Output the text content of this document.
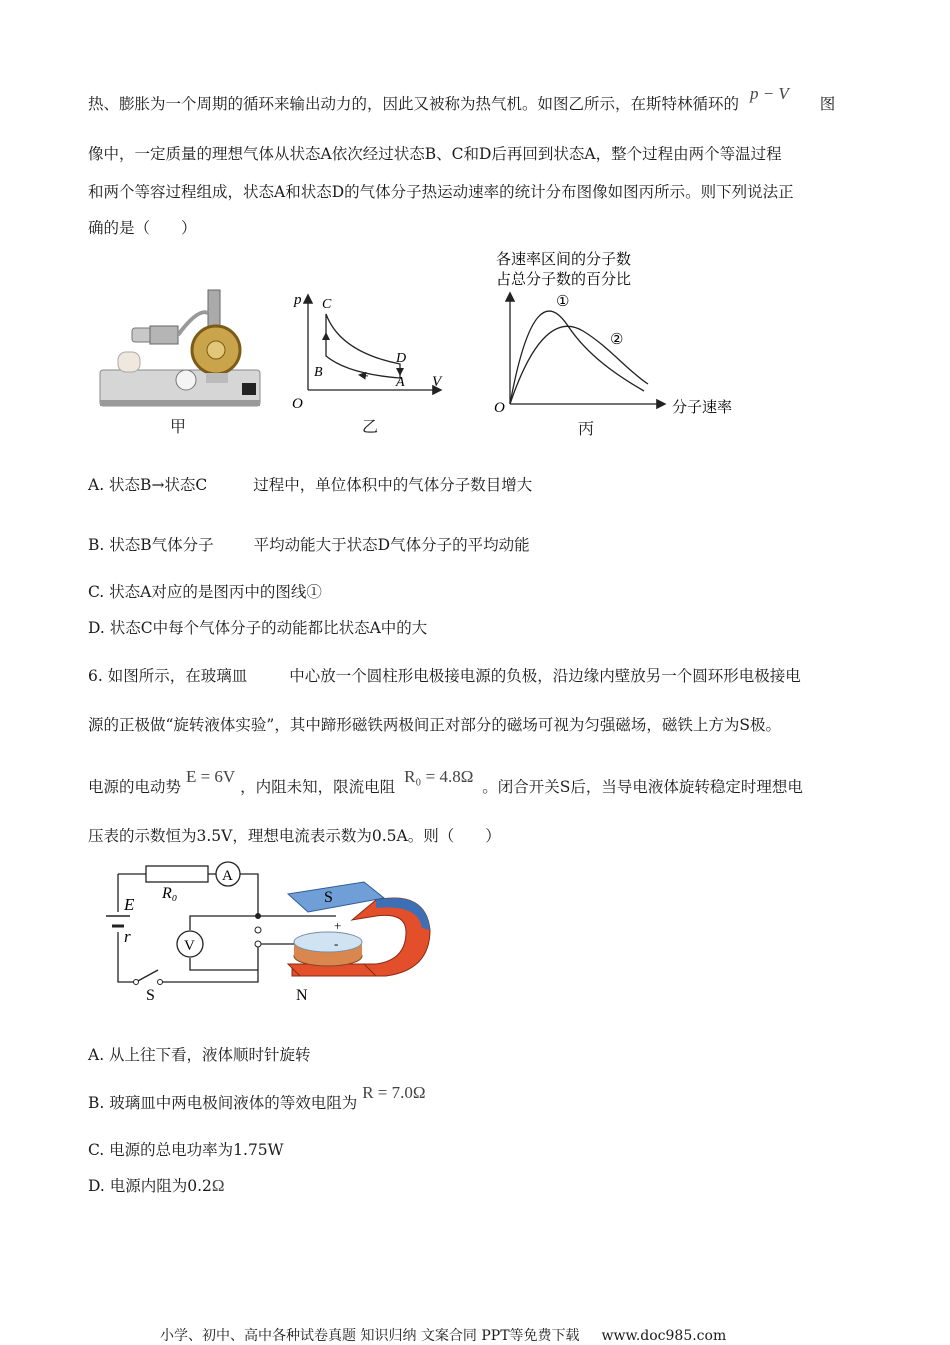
热、膨胀为一个周期的循环来输出动力的，因此又被称为热气机。如图乙所示，在斯特林循环的 p − V 图
像中，一定质量的理想气体从状态A依次经过状态B、C和D后再回到状态A，整个过程由两个等温过程
和两个等容过程组成，状态A和状态D的气体分子热运动速率的统计分布图像如图丙所示。则下列说法正
确的是（　　）
甲
p
O
V
C
B
D
A
乙
各速率区间的分子数
占总分子数的百分比
①
②
O	分子速率
丙
A. 状态B→状态C	过程中，单位体积中的气体分子数目增大
B. 状态B气体分子	平均动能大于状态D气体分子的平均动能
C. 状态A对应的是图丙中的图线①
D. 状态C中每个气体分子的动能都比状态A中的大
6. 如图所示，在玻璃皿	中心放一个圆柱形电极接电源的负极，沿边缘内壁放另一个圆环形电极接电
源的正极做“旋转液体实验”，其中蹄形磁铁两极间正对部分的磁场可视为匀强磁场，磁铁上方为S极。
电源的电动势 E = 6V ，内阻未知，限流电阻 R₀ = 4.8Ω 。闭合开关S后，当导电液体旋转稳定时理想电
压表的示数恒为3.5V，理想电流表示数为0.5A。则（　　）
E
r
R₀
A
V
S
S
N
+
-
A. 从上往下看，液体顺时针旋转
B. 玻璃皿中两电极间液体的等效电阻为 R = 7.0Ω
C. 电源的总电功率为1.75W
D. 电源内阻为0.2Ω
小学、初中、高中各种试卷真题 知识归纳 文案合同 PPT等免费下载 www.doc985.com
